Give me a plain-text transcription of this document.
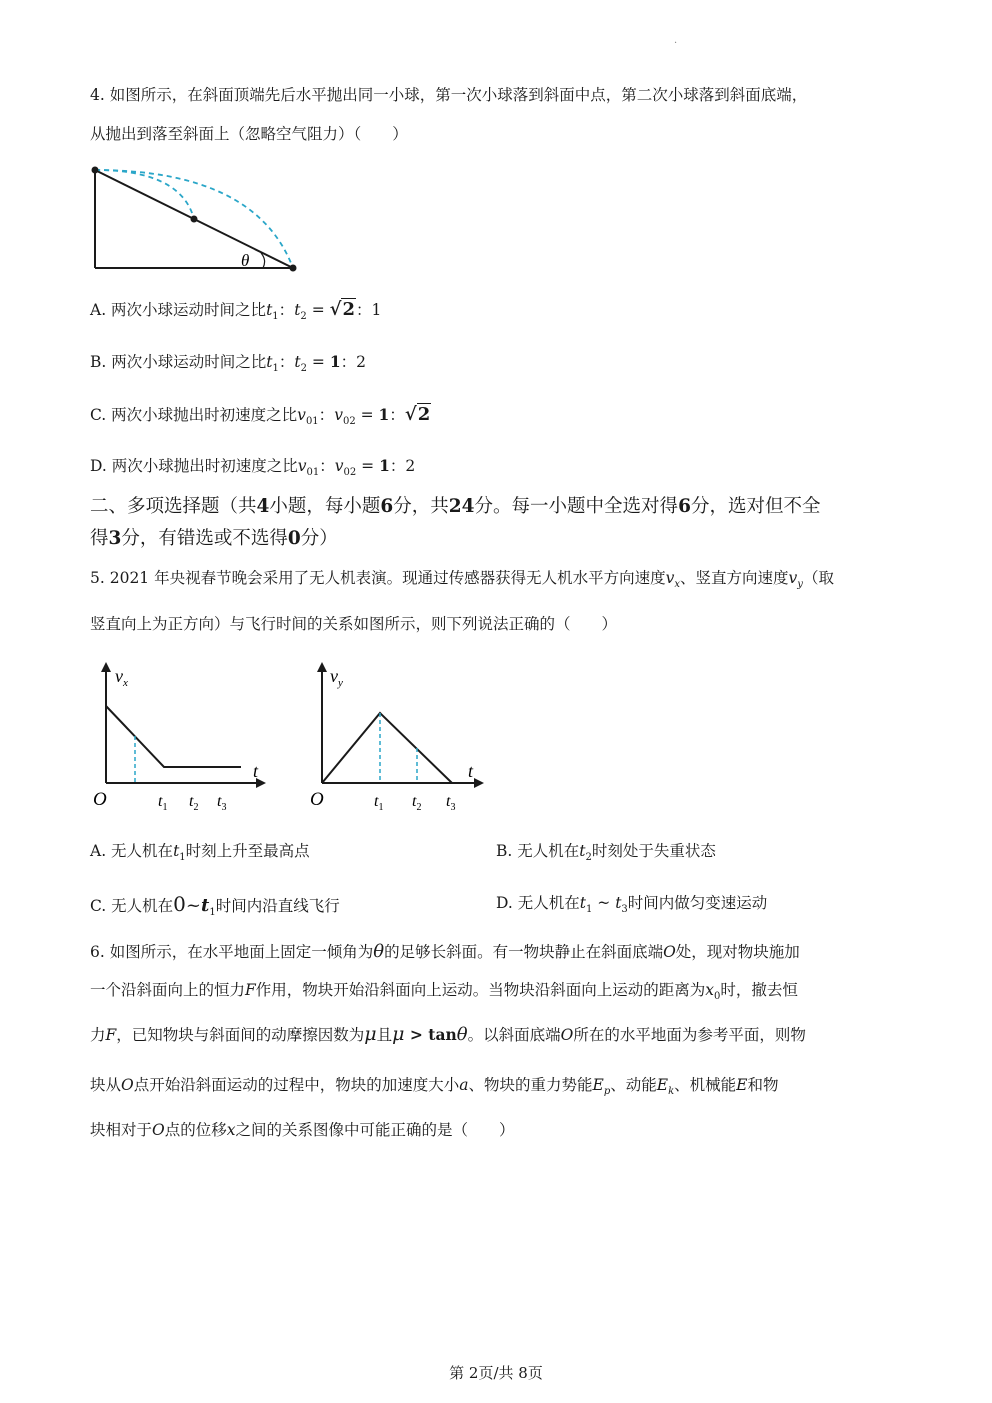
·
4. 如图所示，在斜面顶端先后水平抛出同一小球，第一次小球落到斜面中点，第二次小球落到斜面底端，
从抛出到落至斜面上（忽略空气阻力）（　　）
θ
A. 两次小球运动时间之比$t_1$：$t_2 = √2$：1
B. 两次小球运动时间之比$t_1$：$t_2 = 1$：2
C. 两次小球抛出时初速度之比$v_{01}$：$v_{02} = 1$：√2
D. 两次小球抛出时初速度之比$v_{01}$：$v_{02} = 1$：2
二、多项选择题（共4小题，每小题6分，共24分。每一小题中全选对得6分，选对但不全
得3分，有错选或不选得0分）
5. 2021 年央视春节晚会采用了无人机表演。现通过传感器获得无人机水平方向速度$v_x$、竖直方向速度$v_y$（取
竖直向上为正方向）与飞行时间的关系如图所示，则下列说法正确的（　　）
$v_x$
t
O	$t_1$ $t_2$ $t_3$
$v_y$
t
O	$t_1$ $t_2$ $t_3$
A. 无人机在$t_1$时刻上升至最高点	B. 无人机在$t_2$时刻处于失重状态
C. 无人机在$0\sim t_1$时间内沿直线飞行	D. 无人机在$t_1$ ~ $t_3$时间内做匀变速运动
6. 如图所示，在水平地面上固定一倾角为θ的足够长斜面。有一物块静止在斜面底端O处，现对物块施加
一个沿斜面向上的恒力F作用，物块开始沿斜面向上运动。当物块沿斜面向上运动的距离为$x_0$时，撤去恒
力F，已知物块与斜面间的动摩擦因数为μ且μ > tanθ。以斜面底端O所在的水平地面为参考平面，则物
块从O点开始沿斜面运动的过程中，物块的加速度大小a、物块的重力势能$E_p$、动能$E_k$、机械能E和物
块相对于O点的位移x之间的关系图像中可能正确的是（　　）
第 2页/共 8页
